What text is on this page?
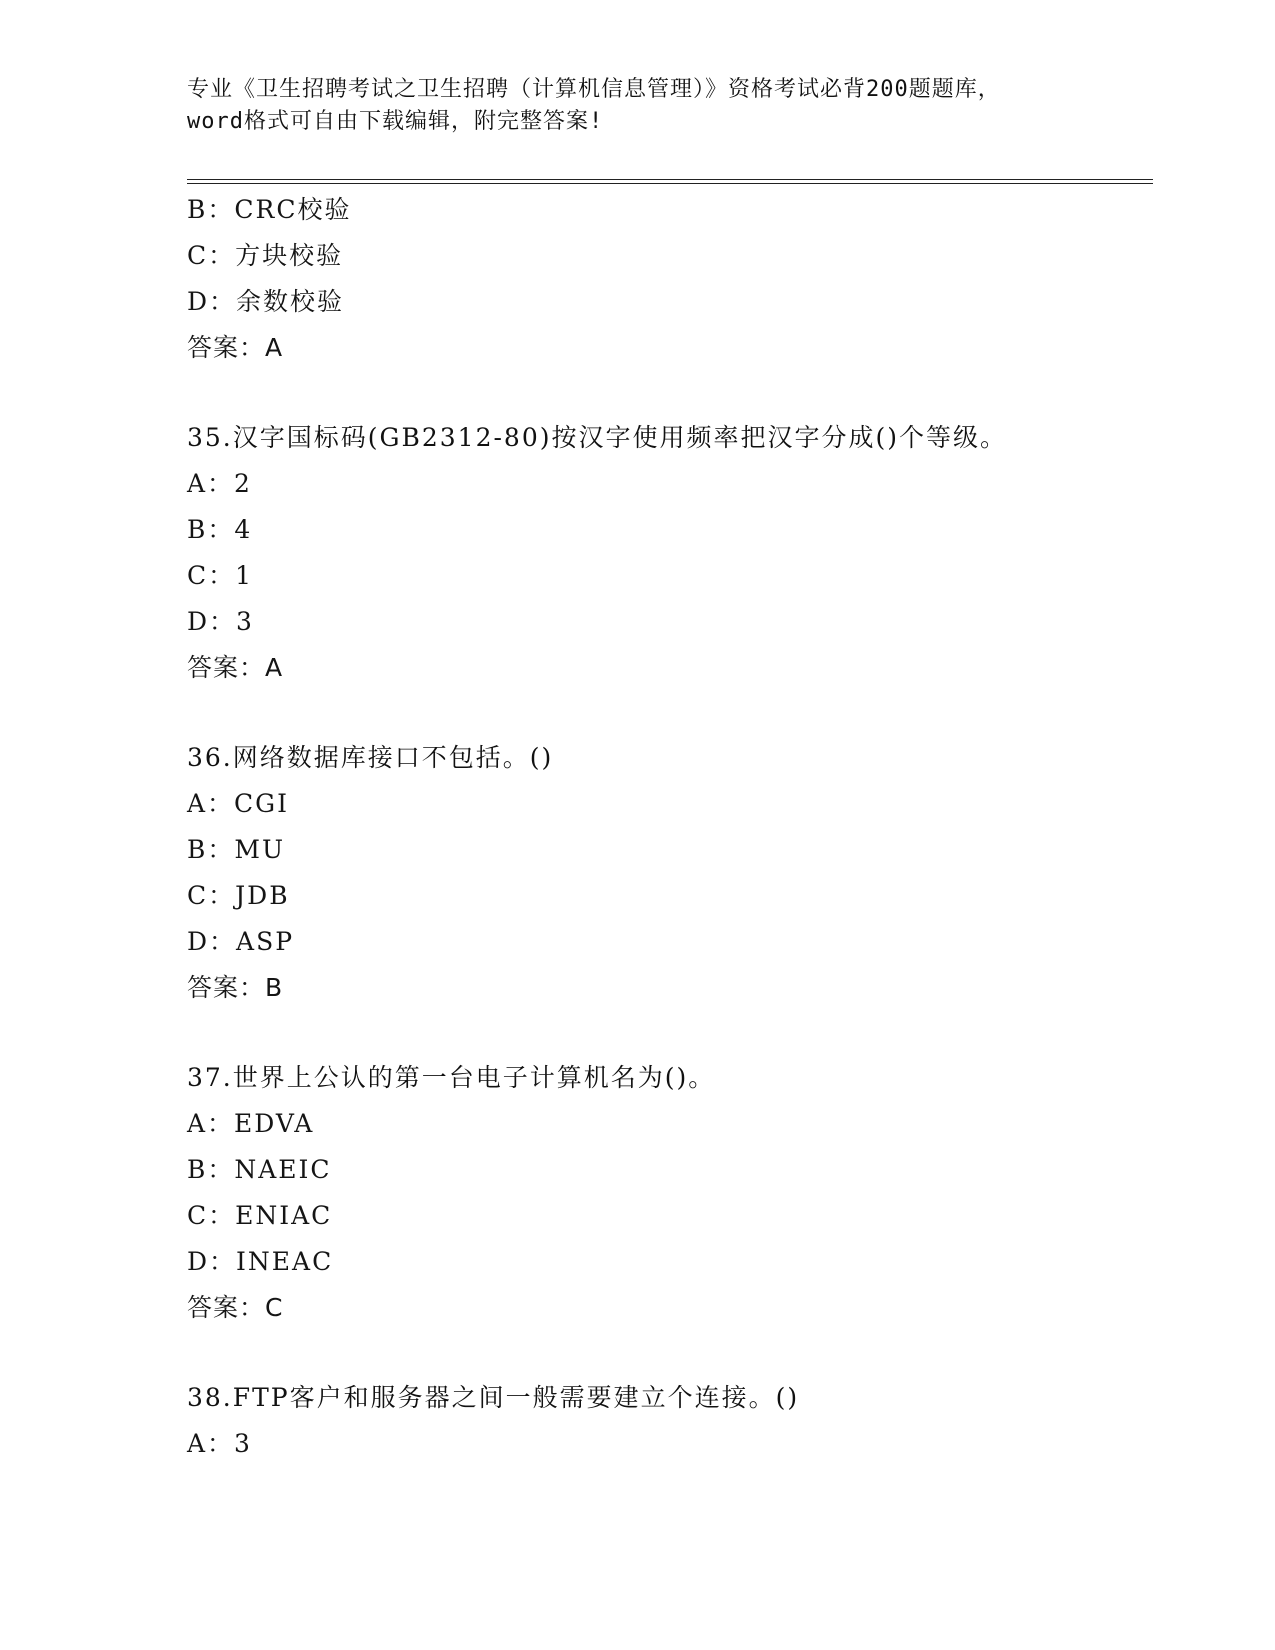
专业《卫生招聘考试之卫生招聘（计算机信息管理）》资格考试必背200题题库，
word格式可自由下载编辑，附完整答案!
B：CRC校验
C：方块校验
D：余数校验
答案：A
35.汉字国标码(GB2312-80)按汉字使用频率把汉字分成()个等级。
A：2
B：4
C：1
D：3
答案：A
36.网络数据库接口不包括。()
A：CGI
B：MU
C：JDB
D：ASP
答案：B
37.世界上公认的第一台电子计算机名为()。
A：EDVA
B：NAEIC
C：ENIAC
D：INEAC
答案：C
38.FTP客户和服务器之间一般需要建立个连接。()
A：3
